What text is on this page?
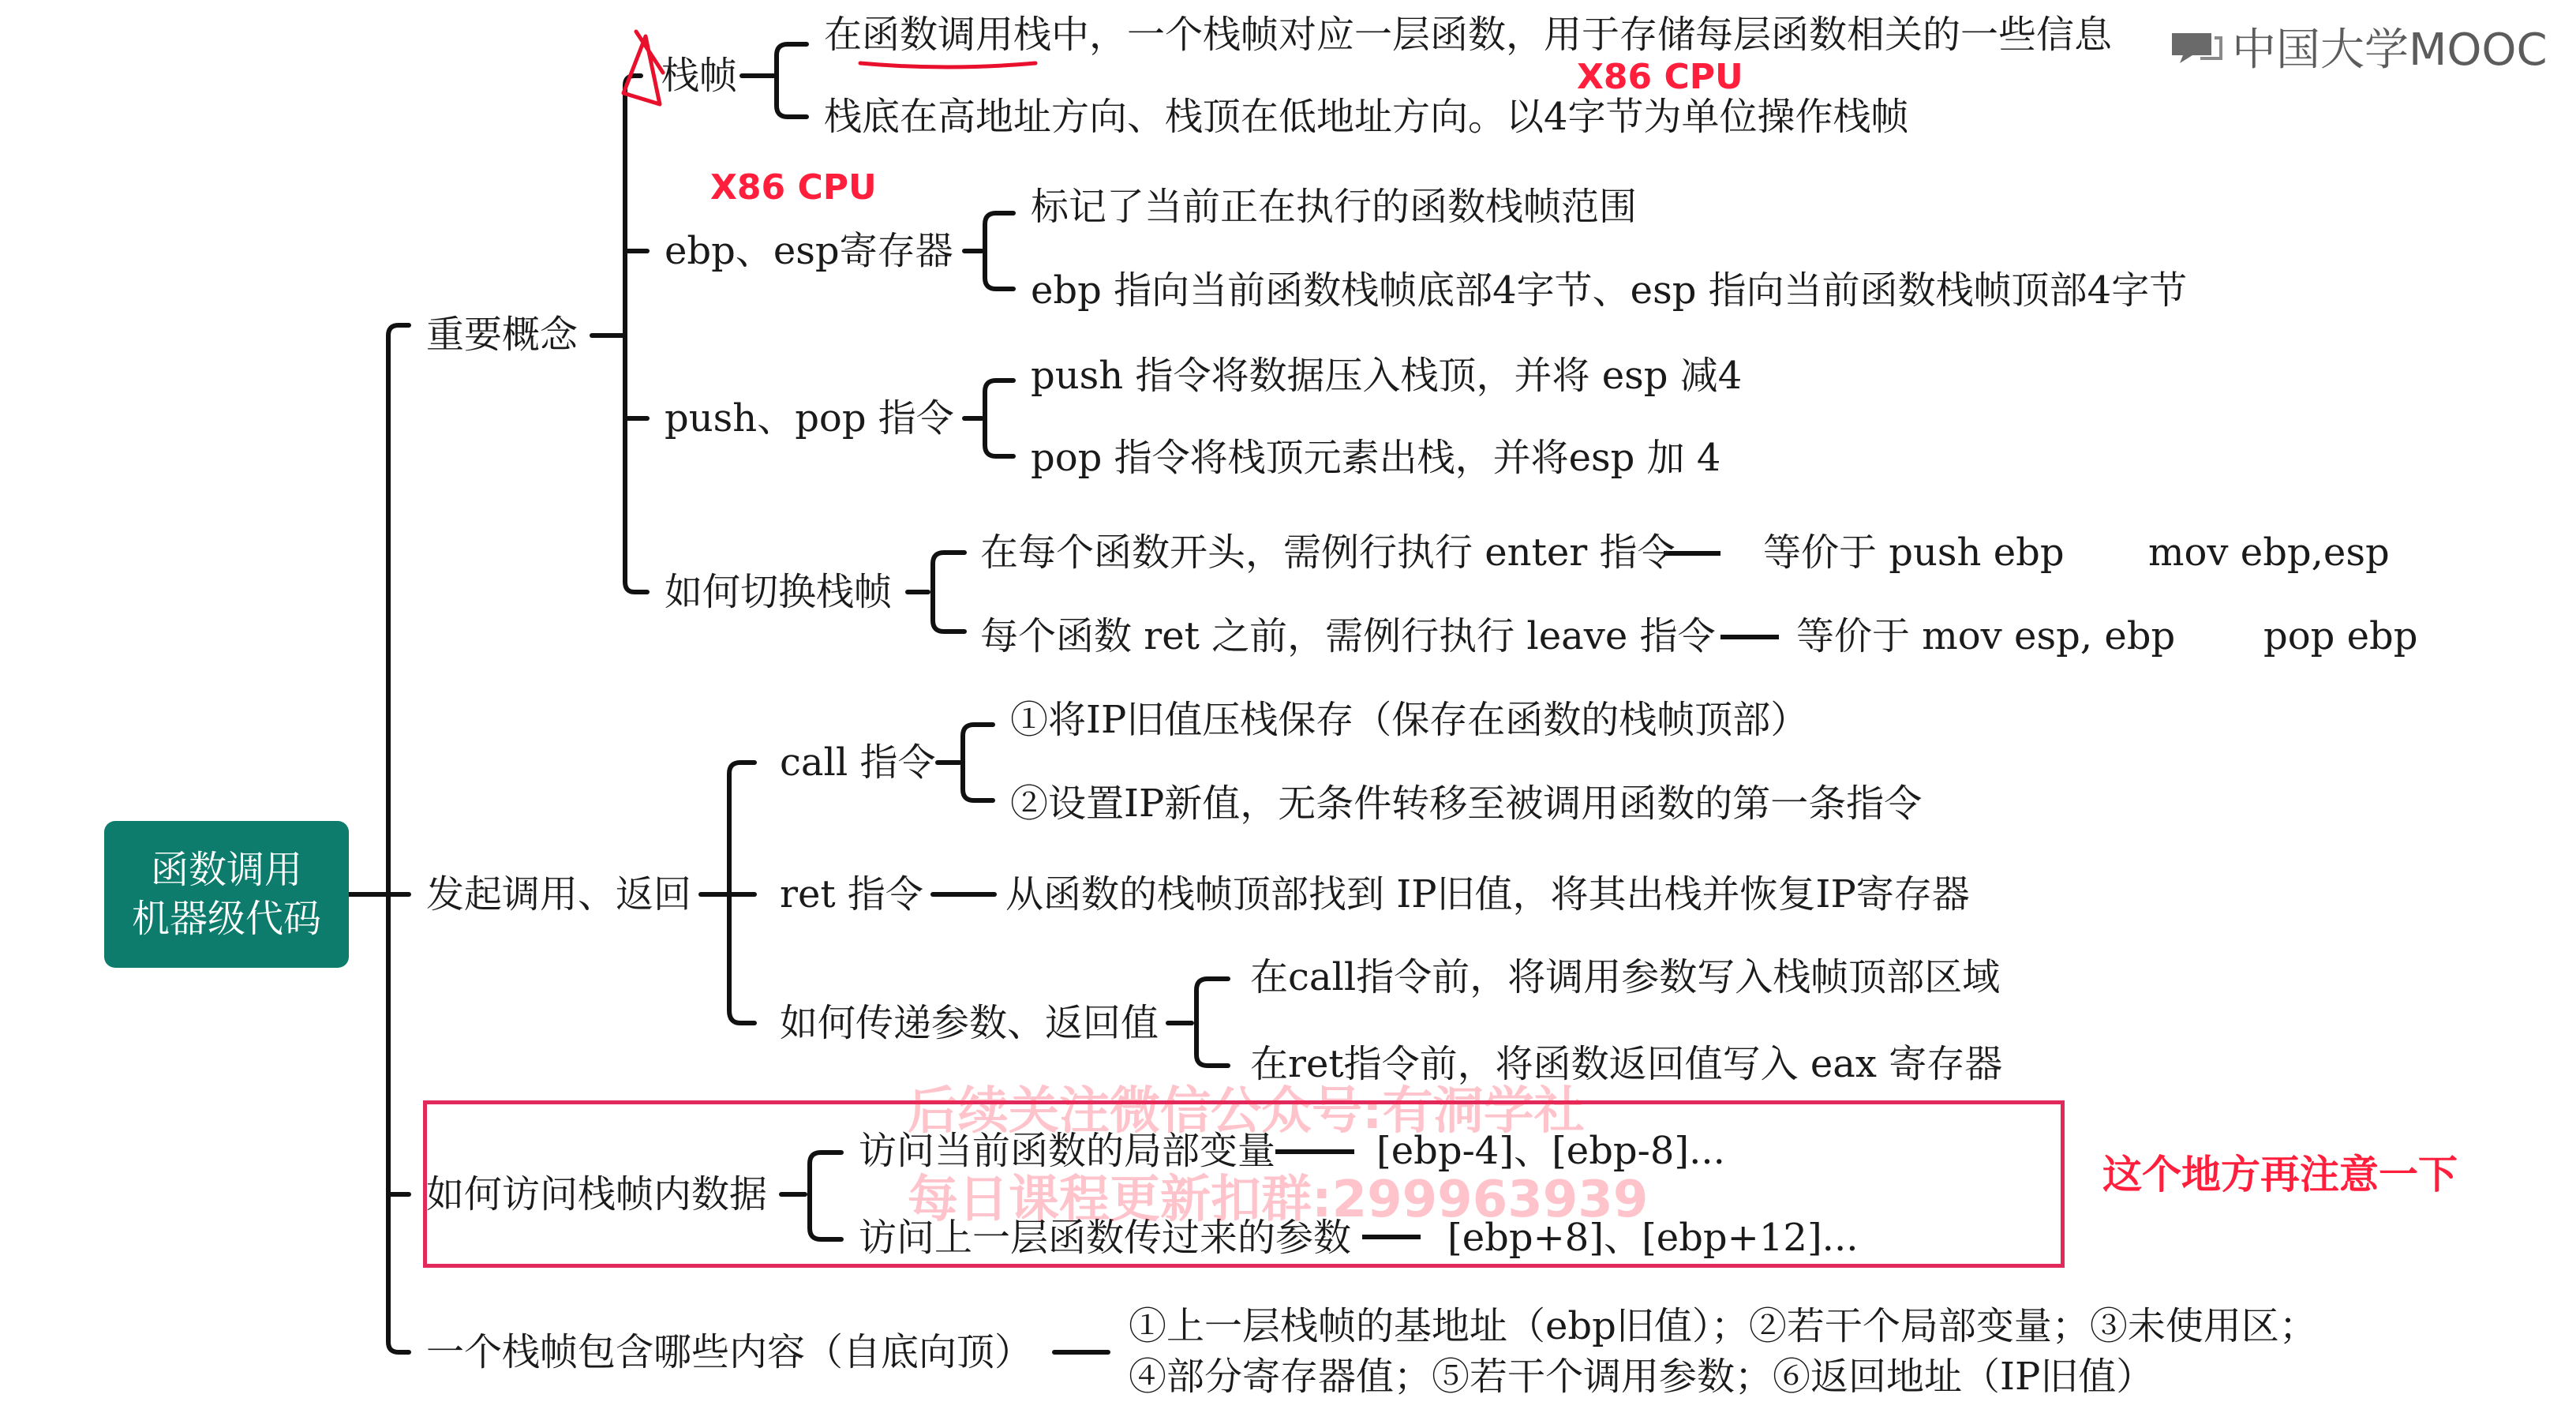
函数调用
机器级代码
重要概念
发起调用、返回
如何访问栈帧内数据
一个栈帧包含哪些内容（自底向顶）
栈帧
在函数调用栈中，一个栈帧对应一层函数，用于存储每层函数相关的一些信息
栈底在高地址方向、栈顶在低地址方向。以4字节为单位操作栈帧
ebp、esp寄存器
标记了当前正在执行的函数栈帧范围
ebp 指向当前函数栈帧底部4字节、esp 指向当前函数栈帧顶部4字节
push、pop 指令
push 指令将数据压入栈顶，并将 esp 减4
pop 指令将栈顶元素出栈，并将esp 加 4
如何切换栈帧
在每个函数开头，需例行执行 enter 指令 等价于 push ebp mov ebp,esp
每个函数 ret 之前，需例行执行 leave 指令 等价于 mov esp, ebp pop ebp
call 指令
①将IP旧值压栈保存（保存在函数的栈帧顶部）
②设置IP新值，无条件转移至被调用函数的第一条指令
ret 指令 从函数的栈帧顶部找到 IP旧值，将其出栈并恢复IP寄存器
如何传递参数、返回值
在call指令前，将调用参数写入栈帧顶部区域
在ret指令前，将函数返回值写入 eax 寄存器
访问当前函数的局部变量	[ebp-4]、[ebp-8]...
访问上一层函数传过来的参数	[ebp+8]、[ebp+12]...
①上一层栈帧的基地址（ebp旧值）；②若干个局部变量；③未使用区；
④部分寄存器值；⑤若干个调用参数；⑥返回地址（IP旧值）
X86 CPU
X86 CPU
这个地方再注意一下
后续关注微信公众号:有洞学社
每日课程更新扣群:299963939
中国大学MOOC
